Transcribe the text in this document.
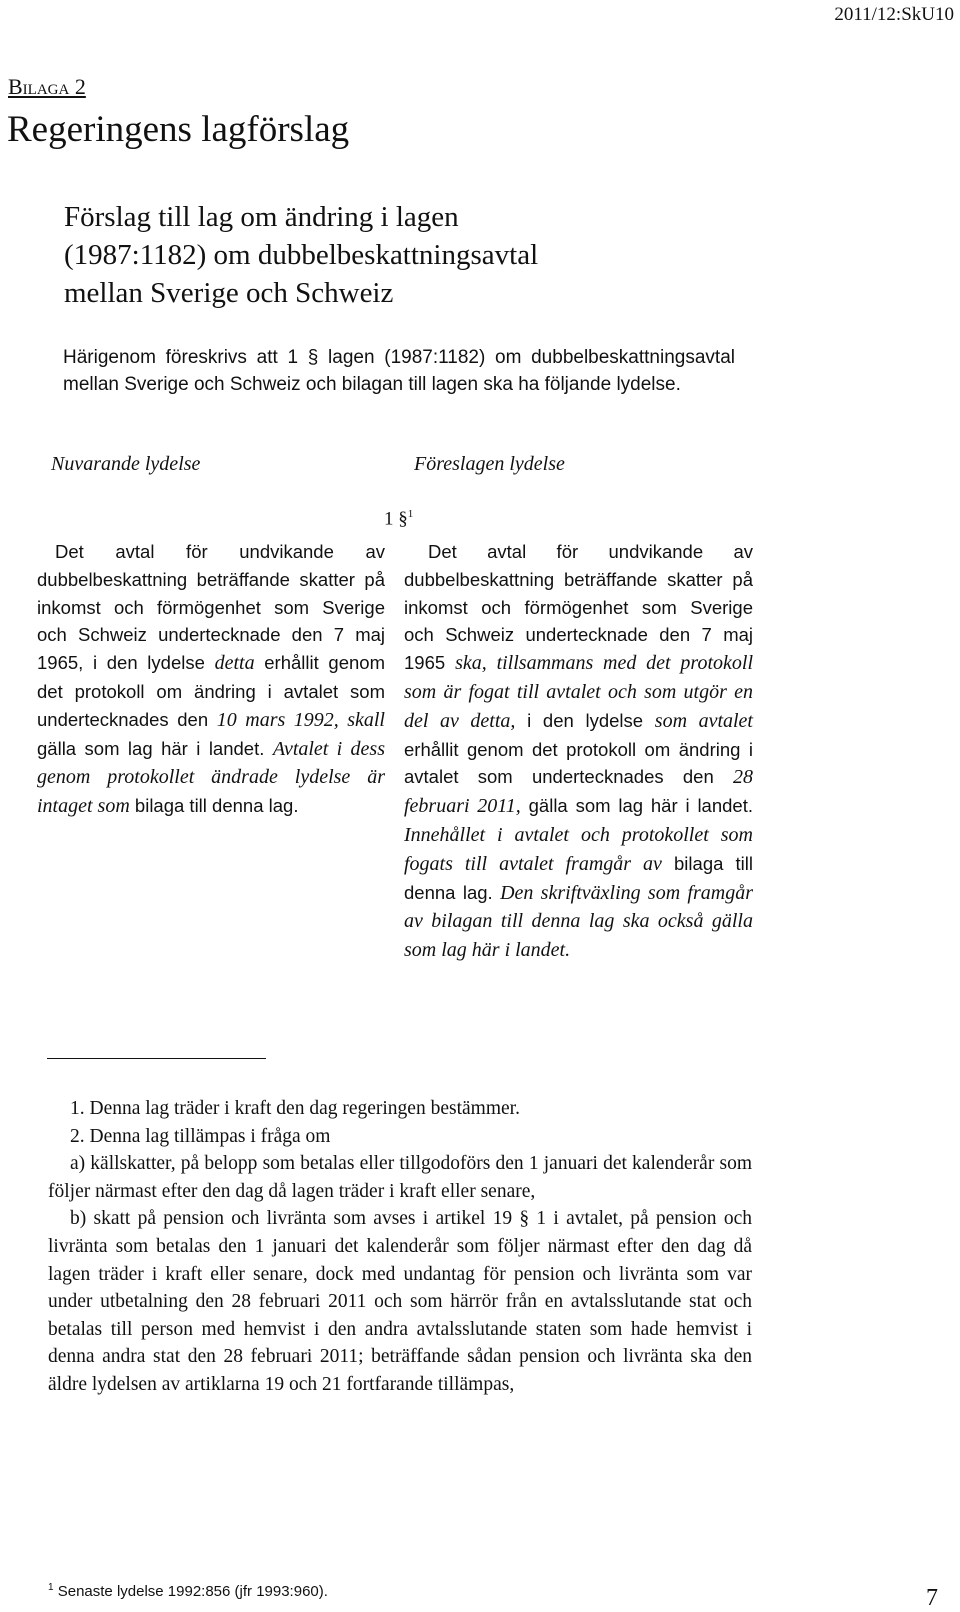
2011/12:SkU10
Bilaga 2
Regeringens lagförslag
Förslag till lag om ändring i lagen
(1987:1182) om dubbelbeskattningsavtal
mellan Sverige och Schweiz
Härigenom föreskrivs att 1 § lagen (1987:1182) om dubbelbeskattningsavtal mellan Sverige och Schweiz och bilagan till lagen ska ha följande lydelse.
Nuvarande lydelse	Föreslagen lydelse
1 §$^1$
Det avtal för undvikande av dubbelbeskattning beträffande skatter på inkomst och förmögenhet som Sverige och Schweiz undertecknade den 7 maj 1965, i den lydelse detta erhållit genom det protokoll om ändring i avtalet som undertecknades den 10 mars 1992, skall gälla som lag här i landet. Avtalet i dess genom protokollet ändrade lydelse är intaget som bilaga till denna lag.
Det avtal för undvikande av dubbelbeskattning beträffande skatter på inkomst och förmögenhet som Sverige och Schweiz undertecknade den 7 maj 1965 ska, tillsammans med det protokoll som är fogat till avtalet och som utgör en del av detta, i den lydelse som avtalet erhållit genom det protokoll om ändring i avtalet som undertecknades den 28 februari 2011, gälla som lag här i landet. Innehållet i avtalet och protokollet som fogats till avtalet framgår av bilaga till denna lag. Den skriftväxling som framgår av bilagan till denna lag ska också gälla som lag här i landet.

1. Denna lag träder i kraft den dag regeringen bestämmer.

2. Denna lag tillämpas i fråga om

a) källskatter, på belopp som betalas eller tillgodoförs den 1 januari det kalenderår som följer närmast efter den dag då lagen träder i kraft eller senare,

b) skatt på pension och livränta som avses i artikel 19 § 1 i avtalet, på pension och livränta som betalas den 1 januari det kalenderår som följer närmast efter den dag då lagen träder i kraft eller senare, dock med undantag för pension och livränta som var under utbetalning den 28 februari 2011 och som härrör från en avtalsslutande stat och betalas till person med hemvist i den andra avtalsslutande staten som hade hemvist i denna andra stat den 28 februari 2011; beträffande sådan pension och livränta ska den äldre lydelsen av artiklarna 19 och 21 fortfarande tillämpas,

$^1$ Senaste lydelse 1992:856 (jfr 1993:960).	7
